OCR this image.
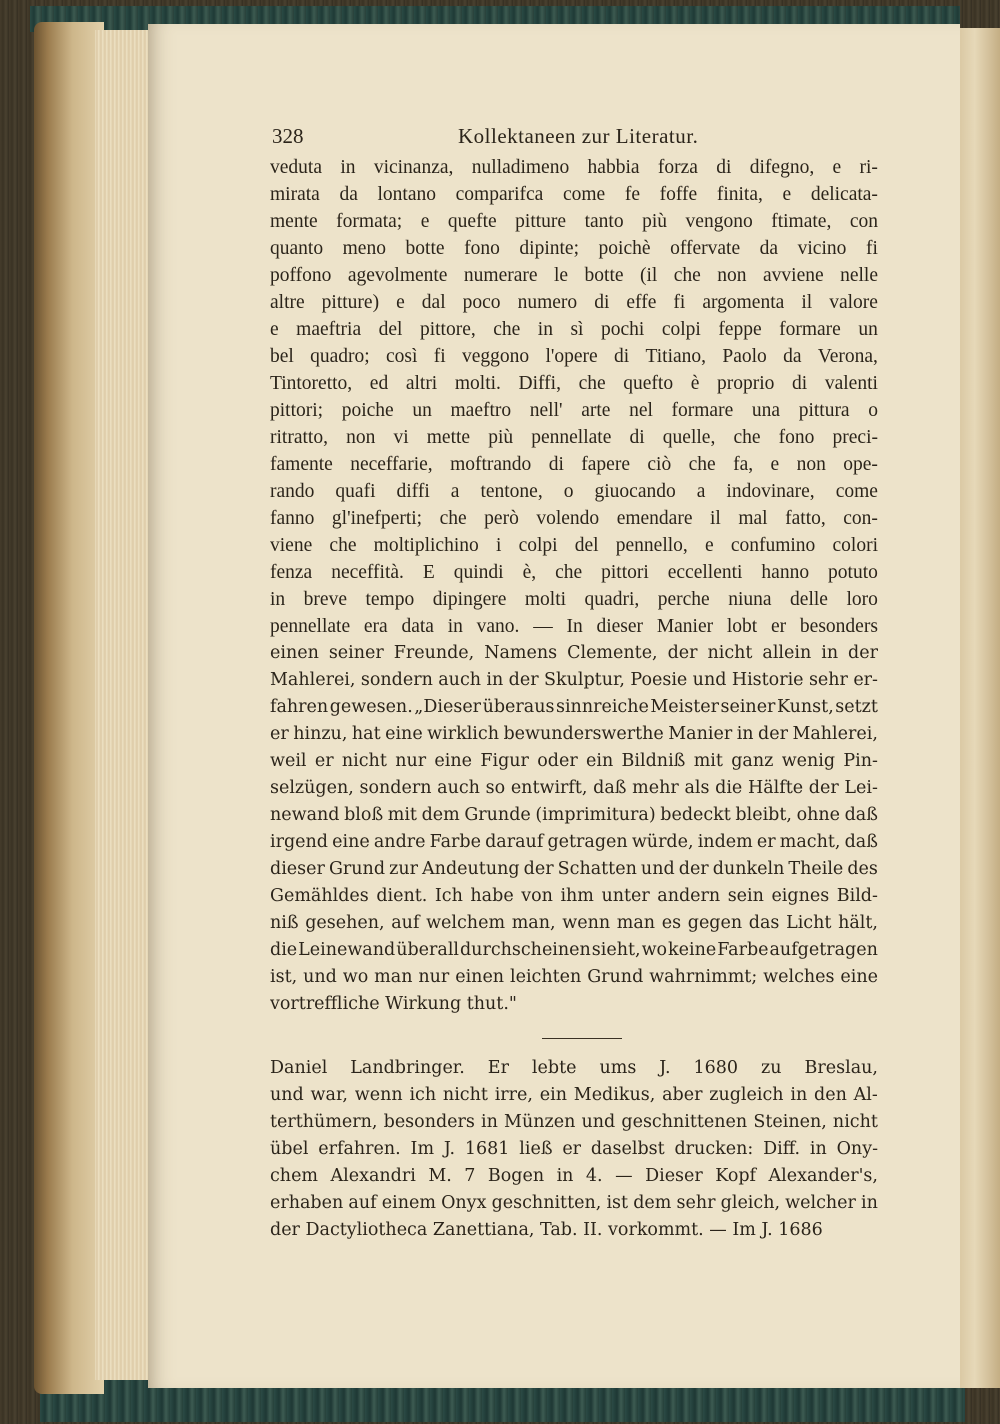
328	Kollektaneen zur Literatur.
veduta in vicinanza, nulladimeno habbia forza di difegno, e ri-
mirata da lontano comparifca come fe foffe finita, e delicata-
mente formata; e quefte pitture tanto più vengono ftimate, con
quanto meno botte fono dipinte; poichè offervate da vicino fi
poffono agevolmente numerare le botte (il che non avviene nelle
altre pitture) e dal poco numero di effe fi argomenta il valore
e maeftria del pittore, che in sì pochi colpi feppe formare un
bel quadro; così fi veggono l'opere di Titiano, Paolo da Verona,
Tintoretto, ed altri molti. Diffi, che quefto è proprio di valenti
pittori; poiche un maeftro nell' arte nel formare una pittura o
ritratto, non vi mette più pennellate di quelle, che fono preci-
famente neceffarie, moftrando di fapere ciò che fa, e non ope-
rando quafi diffi a tentone, o giuocando a indovinare, come
fanno gl'inefperti; che però volendo emendare il mal fatto, con-
viene che moltiplichino i colpi del pennello, e confumino colori
fenza neceffità. E quindi è, che pittori eccellenti hanno potuto
in breve tempo dipingere molti quadri, perche niuna delle loro
pennellate era data in vano. — In dieser Manier lobt er besonders
einen seiner Freunde, Namens Clemente, der nicht allein in der
Mahlerei, sondern auch in der Skulptur, Poesie und Historie sehr er-
fahren gewesen. „Dieser überaus sinnreiche Meister seiner Kunst, setzt
er hinzu, hat eine wirklich bewunderswerthe Manier in der Mahlerei,
weil er nicht nur eine Figur oder ein Bildniß mit ganz wenig Pin-
selzügen, sondern auch so entwirft, daß mehr als die Hälfte der Lei-
newand bloß mit dem Grunde (imprimitura) bedeckt bleibt, ohne daß
irgend eine andre Farbe darauf getragen würde, indem er macht, daß
dieser Grund zur Andeutung der Schatten und der dunkeln Theile des
Gemähldes dient. Ich habe von ihm unter andern sein eignes Bild-
niß gesehen, auf welchem man, wenn man es gegen das Licht hält,
die Leinewand überall durchscheinen sieht, wo keine Farbe aufgetragen
ist, und wo man nur einen leichten Grund wahrnimmt; welches eine
vortreffliche Wirkung thut."
Daniel Landbringer. Er lebte ums J. 1680 zu Breslau,
und war, wenn ich nicht irre, ein Medikus, aber zugleich in den Al-
terthümern, besonders in Münzen und geschnittenen Steinen, nicht
übel erfahren. Im J. 1681 ließ er daselbst drucken: Diff. in Ony-
chem Alexandri M. 7 Bogen in 4. — Dieser Kopf Alexander's,
erhaben auf einem Onyx geschnitten, ist dem sehr gleich, welcher in
der Dactyliotheca Zanettiana, Tab. II. vorkommt. — Im J. 1686
